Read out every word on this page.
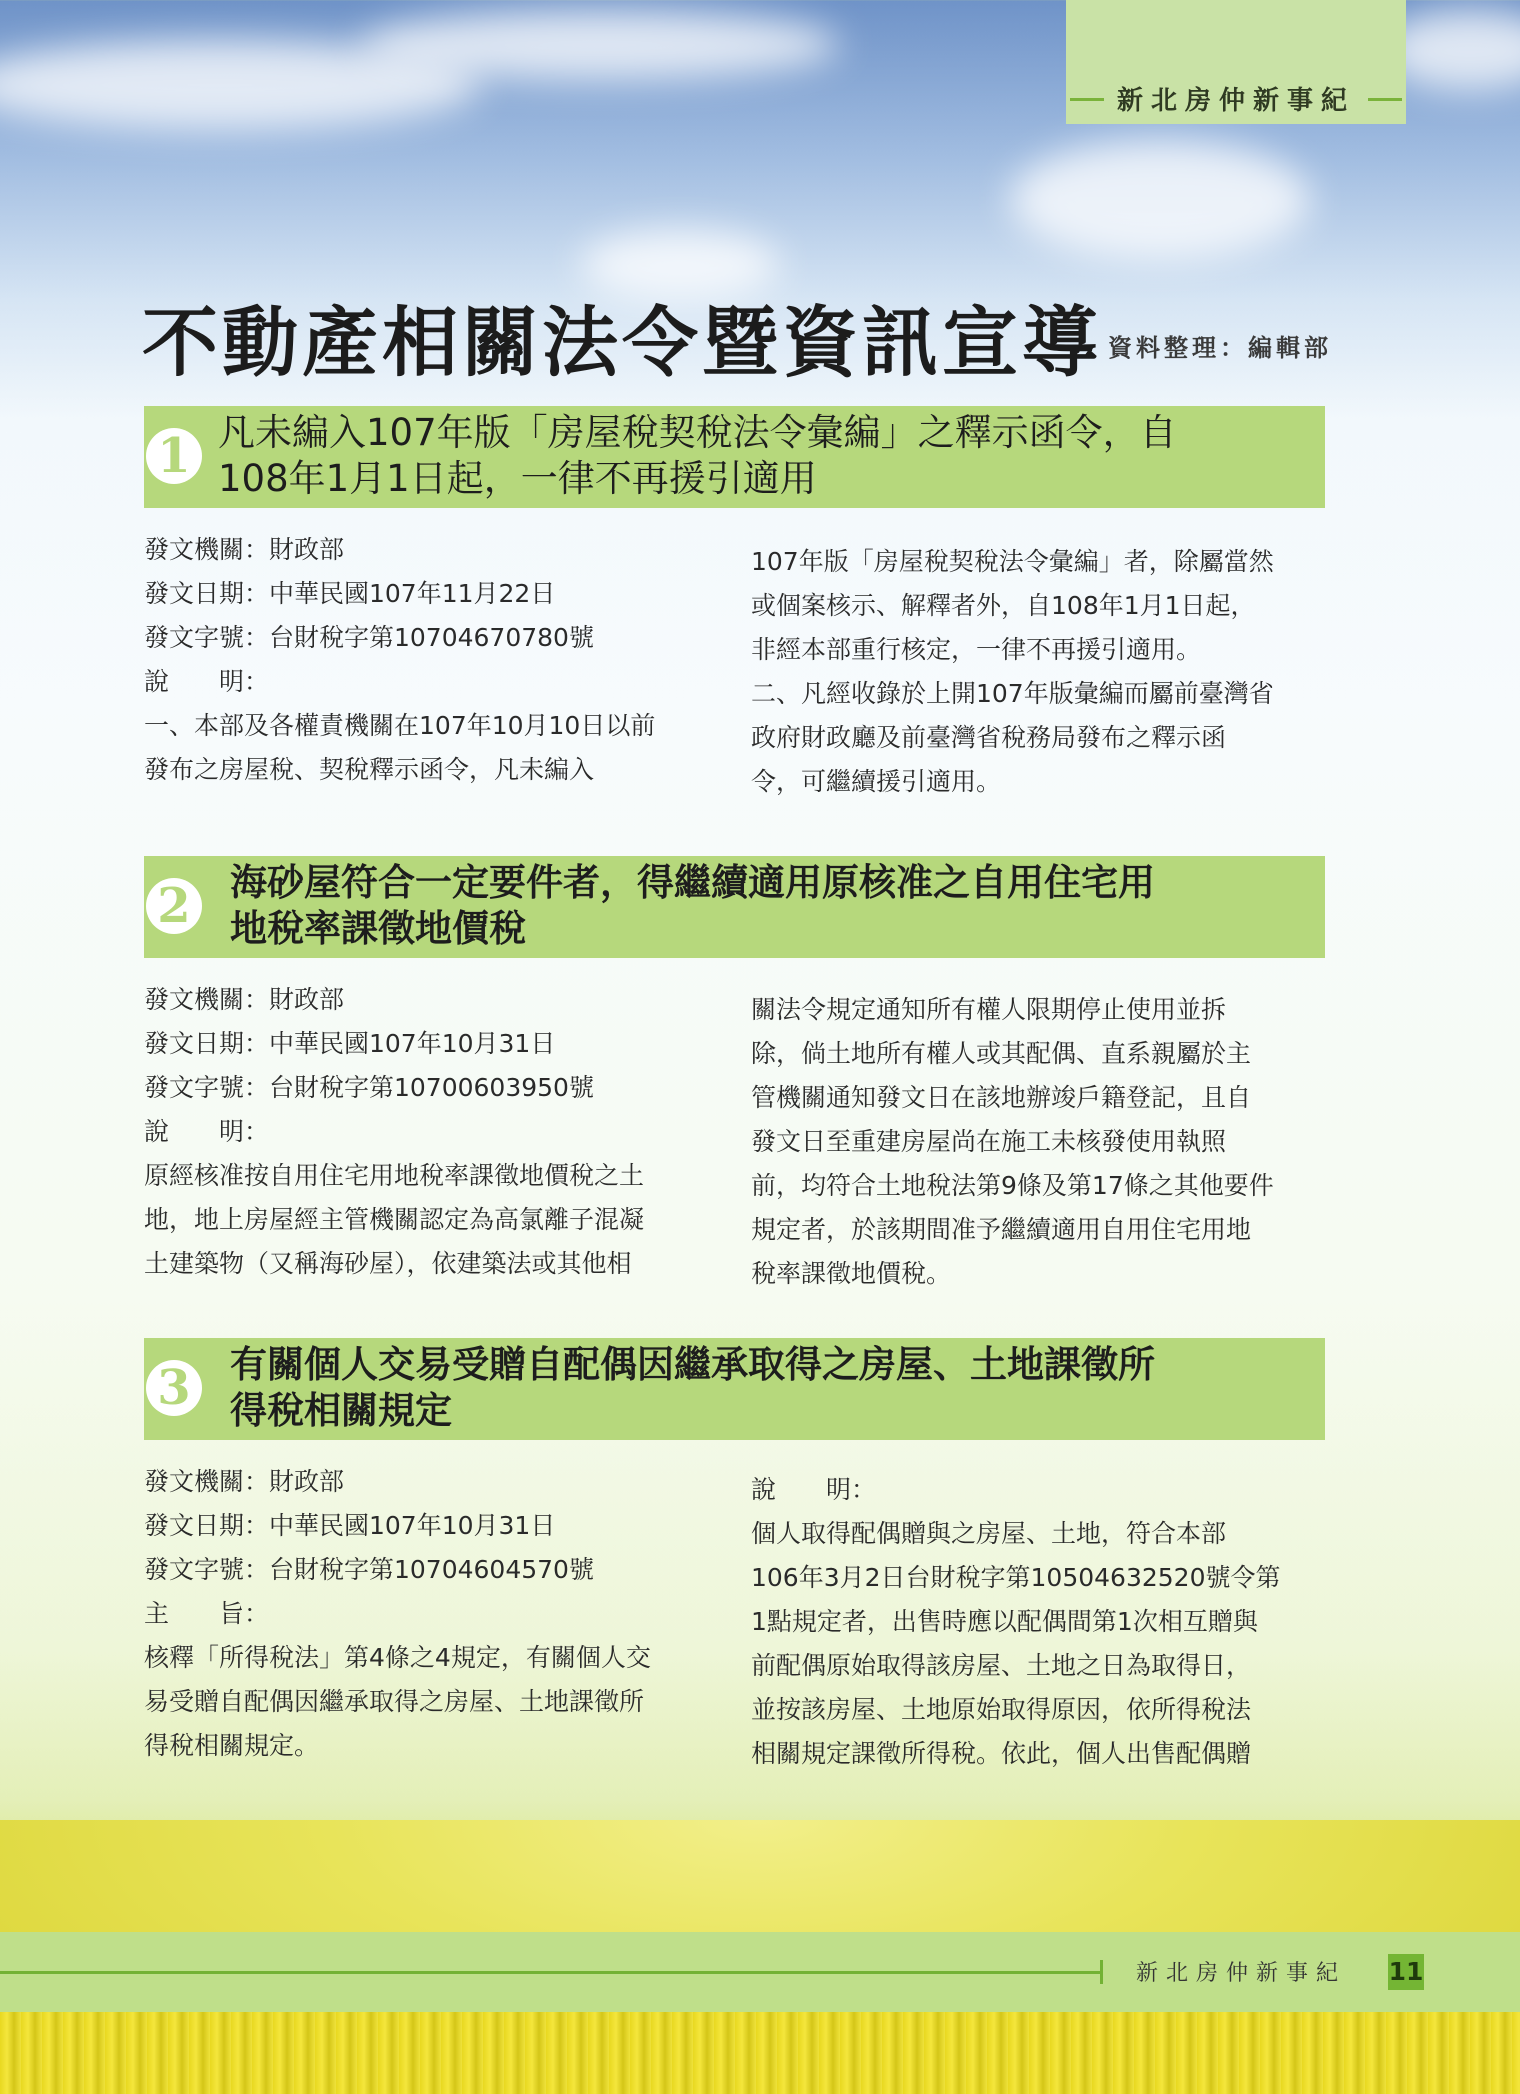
新北房仲新事紀
不動產相關法令暨資訊宣導 資料整理：編輯部
1 凡未編入107年版「房屋稅契稅法令彙編」之釋示函令，自
108年1月1日起，一律不再援引適用

發文機關：財政部

發文日期：中華民國107年11月22日

發文字號：台財稅字第10704670780號

說　　明：

一、本部及各權責機關在107年10月10日以前

發布之房屋稅、契稅釋示函令，凡未編入

107年版「房屋稅契稅法令彙編」者，除屬當然

或個案核示、解釋者外，自108年1月1日起，

非經本部重行核定，一律不再援引適用。

二、凡經收錄於上開107年版彙編而屬前臺灣省

政府財政廳及前臺灣省稅務局發布之釋示函

令，可繼續援引適用。

2	海砂屋符合一定要件者，得繼續適用原核准之自用住宅用
地稅率課徵地價稅

發文機關：財政部

發文日期：中華民國107年10月31日

發文字號：台財稅字第10700603950號

說　　明：

原經核准按自用住宅用地稅率課徵地價稅之土

地，地上房屋經主管機關認定為高氯離子混凝

土建築物（又稱海砂屋），依建築法或其他相

關法令規定通知所有權人限期停止使用並拆

除，倘土地所有權人或其配偶、直系親屬於主

管機關通知發文日在該地辦竣戶籍登記，且自

發文日至重建房屋尚在施工未核發使用執照

前，均符合土地稅法第9條及第17條之其他要件

規定者，於該期間准予繼續適用自用住宅用地

稅率課徵地價稅。

3	有關個人交易受贈自配偶因繼承取得之房屋、土地課徵所
得稅相關規定

發文機關：財政部

發文日期：中華民國107年10月31日

發文字號：台財稅字第10704604570號

主　　旨：

核釋「所得稅法」第4條之4規定，有關個人交

易受贈自配偶因繼承取得之房屋、土地課徵所

得稅相關規定。

說　　明：

個人取得配偶贈與之房屋、土地，符合本部

106年3月2日台財稅字第10504632520號令第

1點規定者，出售時應以配偶間第1次相互贈與

前配偶原始取得該房屋、土地之日為取得日，

並按該房屋、土地原始取得原因，依所得稅法

相關規定課徵所得稅。依此，個人出售配偶贈

新北房仲新事紀 11
